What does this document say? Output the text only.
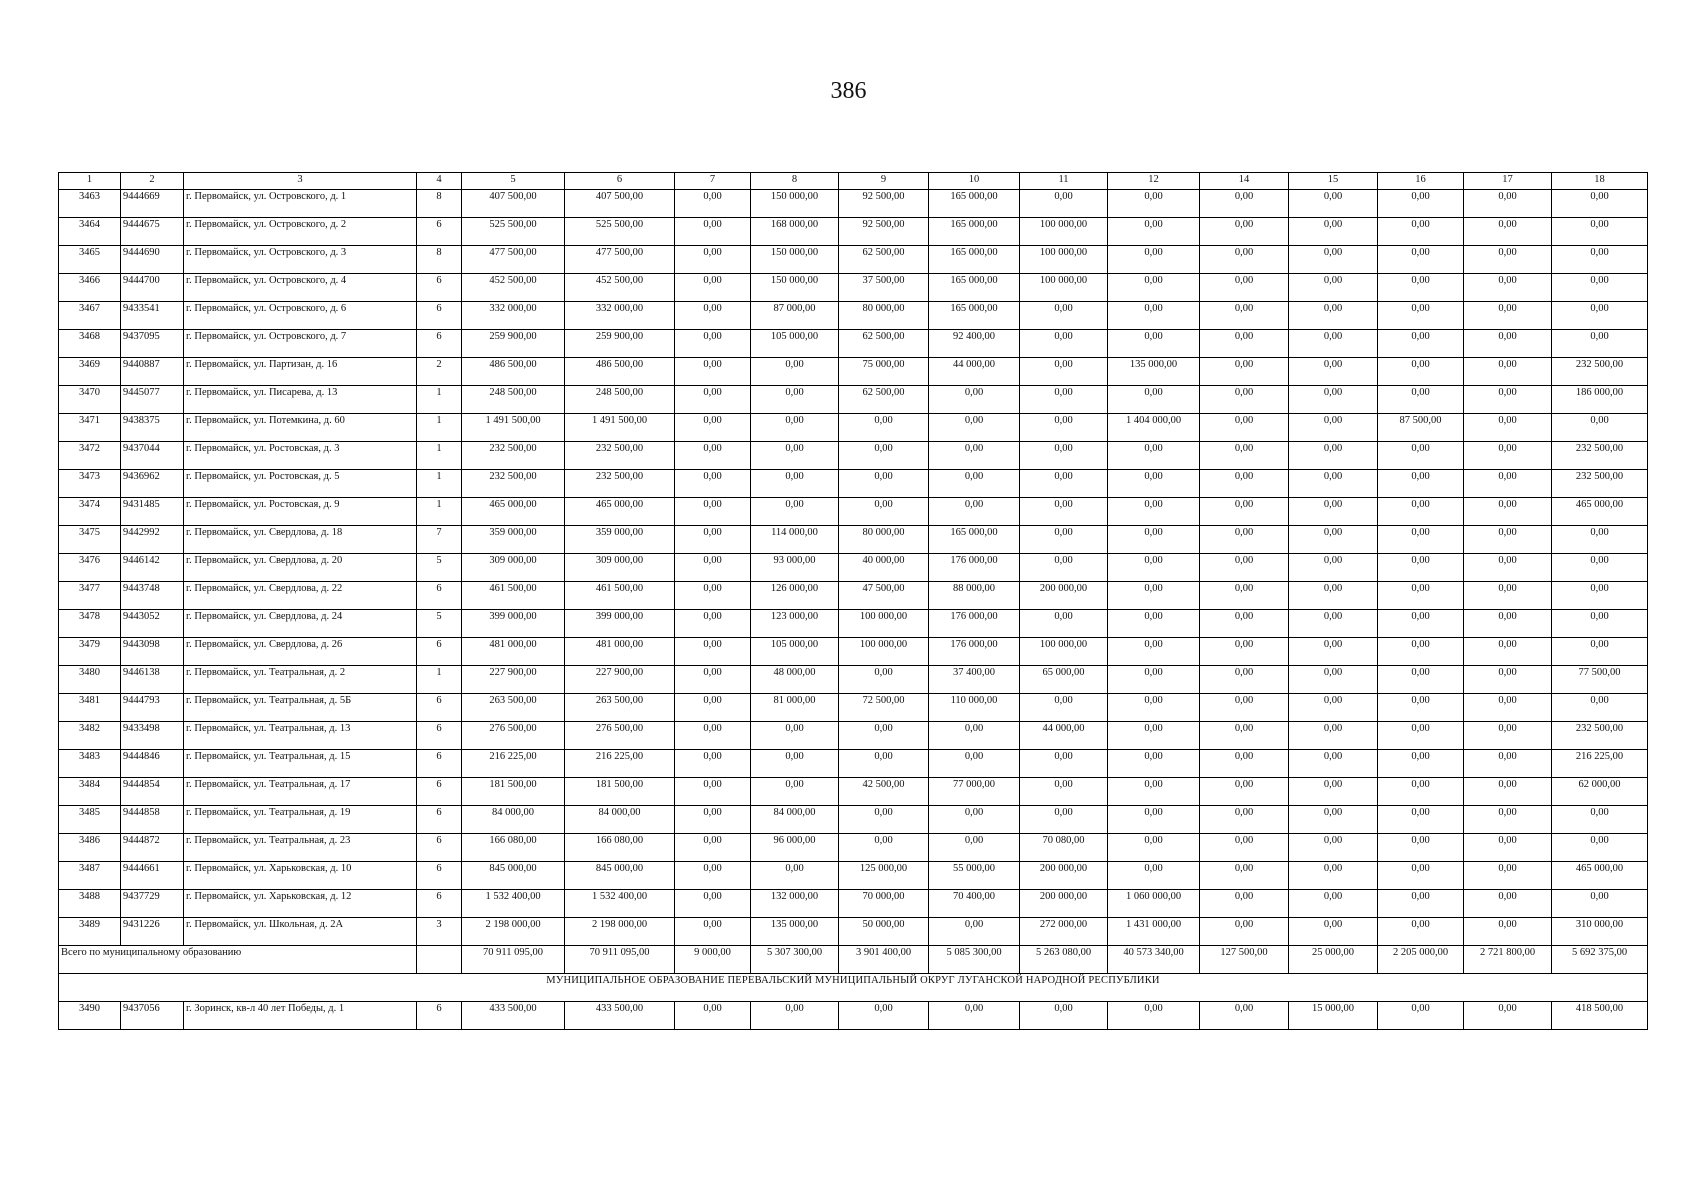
386
1	2	3	4	5	6	7	8	9	10	11	12	14	15	16	17	18
3463	9444669	г. Первомайск, ул. Островского, д. 1	8	407 500,00	407 500,00	0,00	150 000,00	92 500,00	165 000,00	0,00	0,00	0,00	0,00	0,00	0,00	0,00
3464	9444675	г. Первомайск, ул. Островского, д. 2	6	525 500,00	525 500,00	0,00	168 000,00	92 500,00	165 000,00	100 000,00	0,00	0,00	0,00	0,00	0,00	0,00
3465	9444690	г. Первомайск, ул. Островского, д. 3	8	477 500,00	477 500,00	0,00	150 000,00	62 500,00	165 000,00	100 000,00	0,00	0,00	0,00	0,00	0,00	0,00
3466	9444700	г. Первомайск, ул. Островского, д. 4	6	452 500,00	452 500,00	0,00	150 000,00	37 500,00	165 000,00	100 000,00	0,00	0,00	0,00	0,00	0,00	0,00
3467	9433541	г. Первомайск, ул. Островского, д. 6	6	332 000,00	332 000,00	0,00	87 000,00	80 000,00	165 000,00	0,00	0,00	0,00	0,00	0,00	0,00	0,00
3468	9437095	г. Первомайск, ул. Островского, д. 7	6	259 900,00	259 900,00	0,00	105 000,00	62 500,00	92 400,00	0,00	0,00	0,00	0,00	0,00	0,00	0,00
3469	9440887	г. Первомайск, ул. Партизан, д. 16	2	486 500,00	486 500,00	0,00	0,00	75 000,00	44 000,00	0,00	135 000,00	0,00	0,00	0,00	0,00	232 500,00
3470	9445077	г. Первомайск, ул. Писарева, д. 13	1	248 500,00	248 500,00	0,00	0,00	62 500,00	0,00	0,00	0,00	0,00	0,00	0,00	0,00	186 000,00
3471	9438375	г. Первомайск, ул. Потемкина, д. 60	1	1 491 500,00	1 491 500,00	0,00	0,00	0,00	0,00	0,00	1 404 000,00	0,00	0,00	87 500,00	0,00	0,00
3472	9437044	г. Первомайск, ул. Ростовская, д. 3	1	232 500,00	232 500,00	0,00	0,00	0,00	0,00	0,00	0,00	0,00	0,00	0,00	0,00	232 500,00
3473	9436962	г. Первомайск, ул. Ростовская, д. 5	1	232 500,00	232 500,00	0,00	0,00	0,00	0,00	0,00	0,00	0,00	0,00	0,00	0,00	232 500,00
3474	9431485	г. Первомайск, ул. Ростовская, д. 9	1	465 000,00	465 000,00	0,00	0,00	0,00	0,00	0,00	0,00	0,00	0,00	0,00	0,00	465 000,00
3475	9442992	г. Первомайск, ул. Свердлова, д. 18	7	359 000,00	359 000,00	0,00	114 000,00	80 000,00	165 000,00	0,00	0,00	0,00	0,00	0,00	0,00	0,00
3476	9446142	г. Первомайск, ул. Свердлова, д. 20	5	309 000,00	309 000,00	0,00	93 000,00	40 000,00	176 000,00	0,00	0,00	0,00	0,00	0,00	0,00	0,00
3477	9443748	г. Первомайск, ул. Свердлова, д. 22	6	461 500,00	461 500,00	0,00	126 000,00	47 500,00	88 000,00	200 000,00	0,00	0,00	0,00	0,00	0,00	0,00
3478	9443052	г. Первомайск, ул. Свердлова, д. 24	5	399 000,00	399 000,00	0,00	123 000,00	100 000,00	176 000,00	0,00	0,00	0,00	0,00	0,00	0,00	0,00
3479	9443098	г. Первомайск, ул. Свердлова, д. 26	6	481 000,00	481 000,00	0,00	105 000,00	100 000,00	176 000,00	100 000,00	0,00	0,00	0,00	0,00	0,00	0,00
3480	9446138	г. Первомайск, ул. Театральная, д. 2	1	227 900,00	227 900,00	0,00	48 000,00	0,00	37 400,00	65 000,00	0,00	0,00	0,00	0,00	0,00	77 500,00
3481	9444793	г. Первомайск, ул. Театральная, д. 5Б	6	263 500,00	263 500,00	0,00	81 000,00	72 500,00	110 000,00	0,00	0,00	0,00	0,00	0,00	0,00	0,00
3482	9433498	г. Первомайск, ул. Театральная, д. 13	6	276 500,00	276 500,00	0,00	0,00	0,00	0,00	44 000,00	0,00	0,00	0,00	0,00	0,00	232 500,00
3483	9444846	г. Первомайск, ул. Театральная, д. 15	6	216 225,00	216 225,00	0,00	0,00	0,00	0,00	0,00	0,00	0,00	0,00	0,00	0,00	216 225,00
3484	9444854	г. Первомайск, ул. Театральная, д. 17	6	181 500,00	181 500,00	0,00	0,00	42 500,00	77 000,00	0,00	0,00	0,00	0,00	0,00	0,00	62 000,00
3485	9444858	г. Первомайск, ул. Театральная, д. 19	6	84 000,00	84 000,00	0,00	84 000,00	0,00	0,00	0,00	0,00	0,00	0,00	0,00	0,00	0,00
3486	9444872	г. Первомайск, ул. Театральная, д. 23	6	166 080,00	166 080,00	0,00	96 000,00	0,00	0,00	70 080,00	0,00	0,00	0,00	0,00	0,00	0,00
3487	9444661	г. Первомайск, ул. Харьковская, д. 10	6	845 000,00	845 000,00	0,00	0,00	125 000,00	55 000,00	200 000,00	0,00	0,00	0,00	0,00	0,00	465 000,00
3488	9437729	г. Первомайск, ул. Харьковская, д. 12	6	1 532 400,00	1 532 400,00	0,00	132 000,00	70 000,00	70 400,00	200 000,00	1 060 000,00	0,00	0,00	0,00	0,00	0,00
3489	9431226	г. Первомайск, ул. Школьная, д. 2А	3	2 198 000,00	2 198 000,00	0,00	135 000,00	50 000,00	0,00	272 000,00	1 431 000,00	0,00	0,00	0,00	0,00	310 000,00
Всего по муниципальному образованию				70 911 095,00	70 911 095,00	9 000,00	5 307 300,00	3 901 400,00	5 085 300,00	5 263 080,00	40 573 340,00	127 500,00	25 000,00	2 205 000,00	2 721 800,00	5 692 375,00
МУНИЦИПАЛЬНОЕ ОБРАЗОВАНИЕ ПЕРЕВАЛЬСКИЙ МУНИЦИПАЛЬНЫЙ ОКРУГ ЛУГАНСКОЙ НАРОДНОЙ РЕСПУБЛИКИ																
3490	9437056	г. Зоринск, кв-л 40 лет Победы, д. 1	6	433 500,00	433 500,00	0,00	0,00	0,00	0,00	0,00	0,00	0,00	15 000,00	0,00	0,00	418 500,00
